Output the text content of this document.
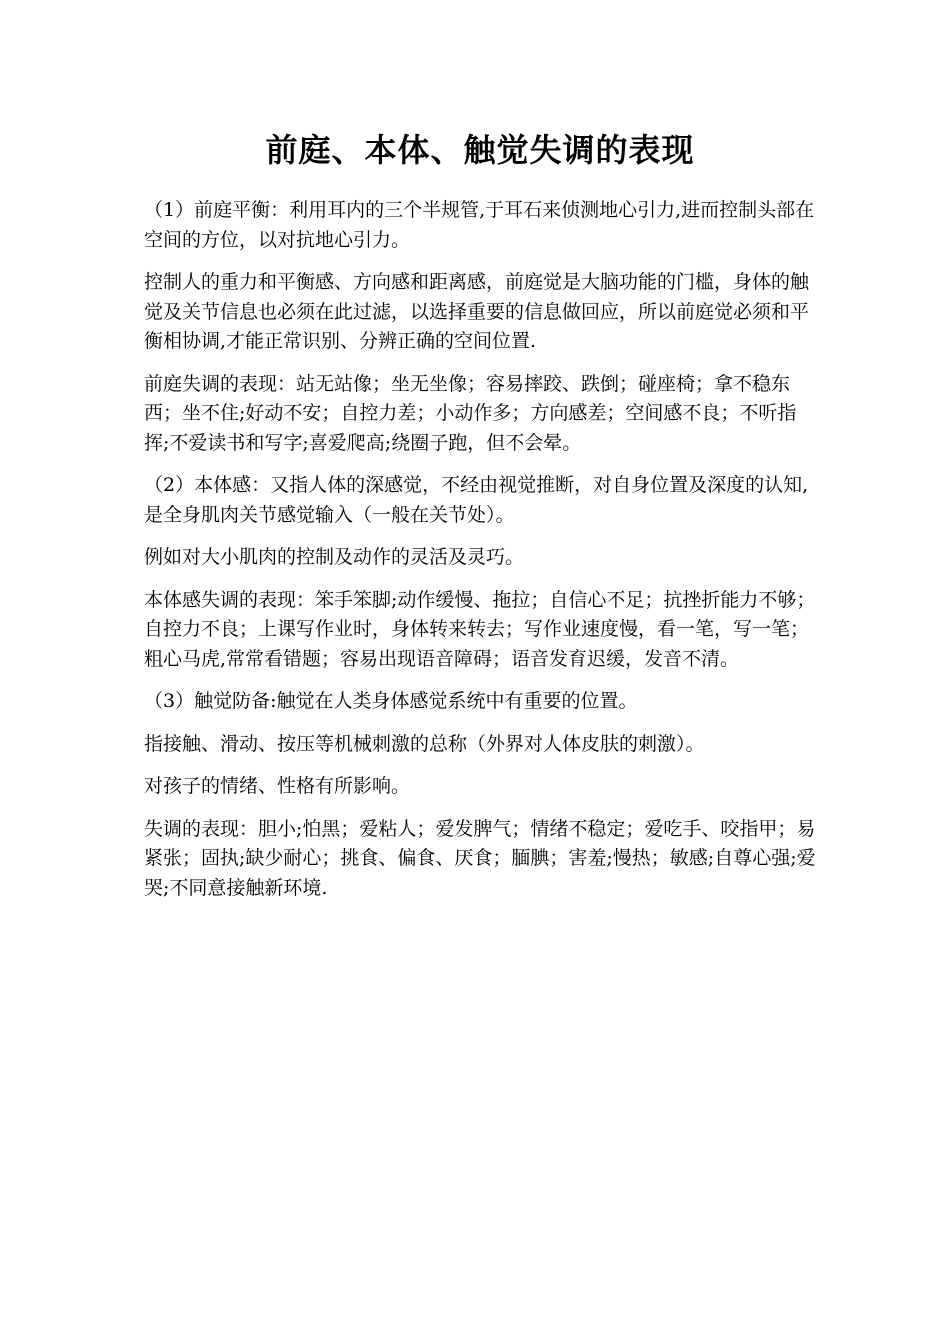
前庭、本体、触觉失调的表现

（1）前庭平衡：利用耳内的三个半规管,于耳石来侦测地心引力,进而控制头部在空间的方位，以对抗地心引力。

控制人的重力和平衡感、方向感和距离感，前庭觉是大脑功能的门槛，身体的触觉及关节信息也必须在此过滤，以选择重要的信息做回应，所以前庭觉必须和平衡相协调,才能正常识别、分辨正确的空间位置.

前庭失调的表现：站无站像；坐无坐像；容易摔跤、跌倒；碰座椅；拿不稳东西；坐不住;好动不安；自控力差；小动作多；方向感差；空间感不良；不听指挥;不爱读书和写字;喜爱爬高;绕圈子跑，但不会晕。

（2）本体感：又指人体的深感觉，不经由视觉推断，对自身位置及深度的认知,是全身肌肉关节感觉输入（一般在关节处）。

例如对大小肌肉的控制及动作的灵活及灵巧。

本体感失调的表现：笨手笨脚;动作缓慢、拖拉；自信心不足；抗挫折能力不够；自控力不良；上课写作业时，身体转来转去；写作业速度慢，看一笔，写一笔；粗心马虎,常常看错题；容易出现语音障碍；语音发育迟缓，发音不清。

（3）触觉防备:触觉在人类身体感觉系统中有重要的位置。

指接触、滑动、按压等机械刺激的总称（外界对人体皮肤的刺激）。

对孩子的情绪、性格有所影响。

失调的表现：胆小;怕黑；爱粘人；爱发脾气；情绪不稳定；爱吃手、咬指甲；易紧张；固执;缺少耐心；挑食、偏食、厌食；腼腆；害羞;慢热；敏感;自尊心强;爱哭;不同意接触新环境.
